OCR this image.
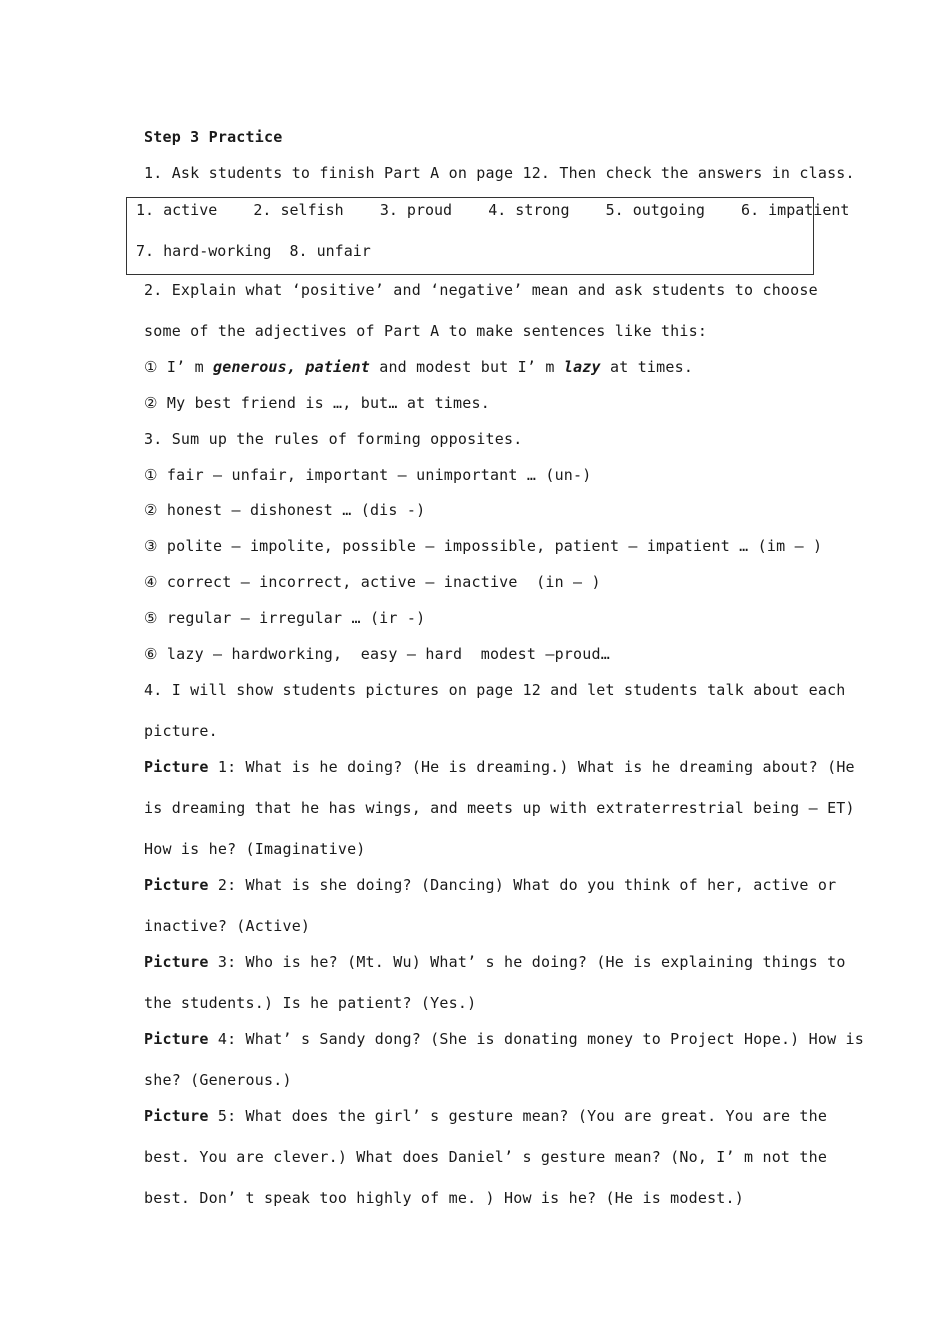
Step 3 Practice
1. Ask students to finish Part A on page 12. Then check the answers in class.
1. active    2. selfish    3. proud    4. strong    5. outgoing    6. impatient
7. hard-working  8. unfair
2. Explain what ‘positive’ and ‘negative’ mean and ask students to choose
some of the adjectives of Part A to make sentences like this:
① I’ m generous, patient and modest but I’ m lazy at times.
② My best friend is …, but… at times.
3. Sum up the rules of forming opposites.
① fair – unfair, important – unimportant … (un-)
② honest – dishonest … (dis -)
③ polite – impolite, possible – impossible, patient – impatient … (im – )
④ correct – incorrect, active – inactive  (in – )
⑤ regular – irregular … (ir -)
⑥ lazy – hardworking,  easy – hard  modest –proud…
4. I will show students pictures on page 12 and let students talk about each
picture.
Picture 1: What is he doing? (He is dreaming.) What is he dreaming about? (He
is dreaming that he has wings, and meets up with extraterrestrial being – ET)
How is he? (Imaginative)
Picture 2: What is she doing? (Dancing) What do you think of her, active or
inactive? (Active)
Picture 3: Who is he? (Mt. Wu) What’ s he doing? (He is explaining things to
the students.) Is he patient? (Yes.)
Picture 4: What’ s Sandy dong? (She is donating money to Project Hope.) How is
she? (Generous.)
Picture 5: What does the girl’ s gesture mean? (You are great. You are the
best. You are clever.) What does Daniel’ s gesture mean? (No, I’ m not the
best. Don’ t speak too highly of me. ) How is he? (He is modest.)
